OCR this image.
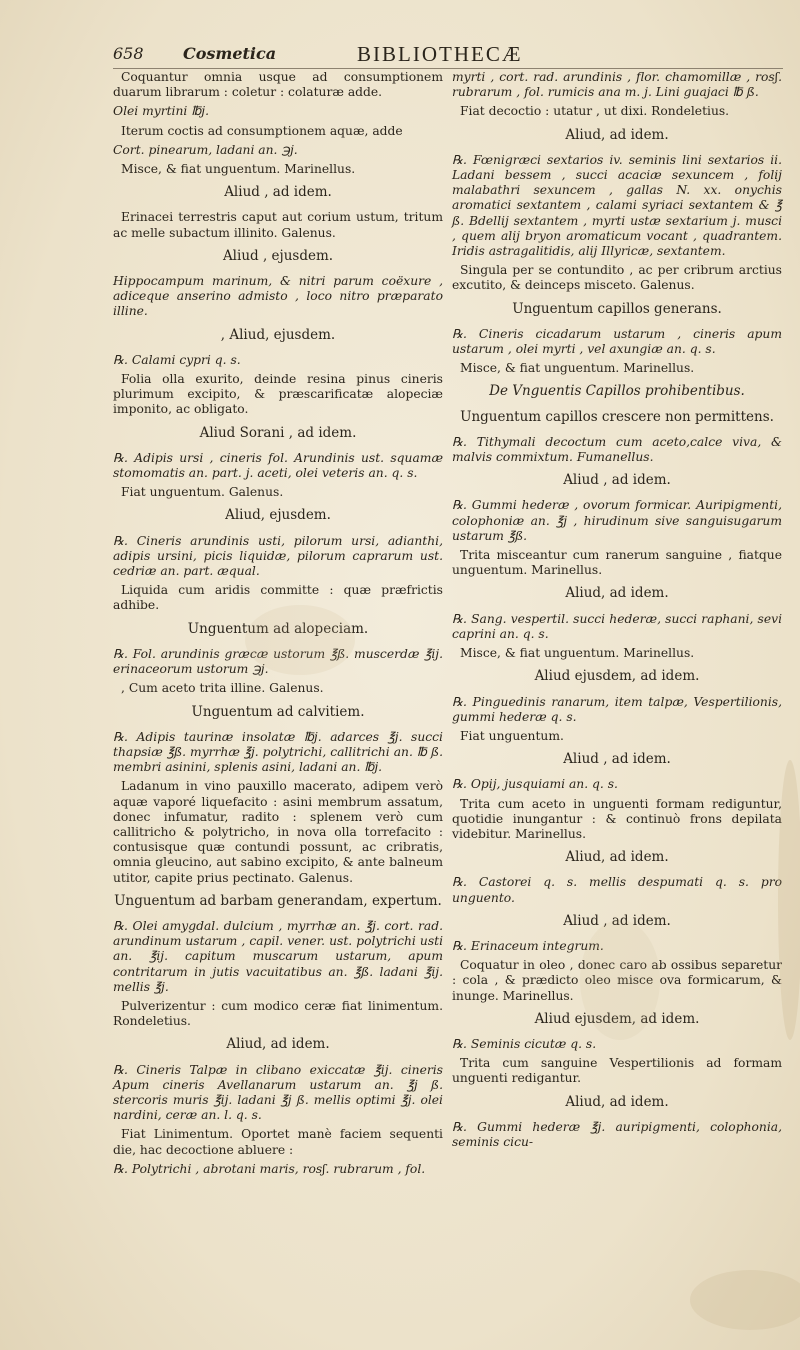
658 Cosmetica	BIBLIOTHECÆ

Coquantur omnia usque ad consumptionem duarum librarum : coletur : colaturæ adde.

Olei myrtini ℔j.

Iterum coctis ad consumptionem aquæ, adde

Cort. pinearum, ladani an. ℈j.

Misce, & fiat unguentum. Marinellus.

Aliud , ad idem.

Erinacei terrestris caput aut corium ustum, tritum ac melle subactum illinito. Galenus.

Aliud , ejusdem.

Hippocampum marinum, & nitri parum coëxure , adiceque anserino admisto , loco nitro præparato illine.

, Aliud, ejusdem.

℞. Calami cypri q. s.

Folia olla exurito, deinde resina pinus cineris plurimum excipito, & præscarificatæ alopeciæ imponito, ac obligato.

Aliud Sorani , ad idem.

℞. Adipis ursi , cineris fol. Arundinis ust. squamæ stomomatis an. part. j. aceti, olei veteris an. q. s.

Fiat unguentum. Galenus.

Aliud, ejusdem.

℞. Cineris arundinis usti, pilorum ursi, adianthi, adipis ursini, picis liquidæ, pilorum caprarum ust. cedriæ an. part. æqual.

Liquida cum aridis committe : quæ præfrictis adhibe.

Unguentum ad alopeciam.

℞. Fol. arundinis græcæ ustorum ℥ß. muscerdæ ℥ij. erinaceorum ustorum ℈j.

, Cum aceto trita illine. Galenus.

Unguentum ad calvitiem.

℞. Adipis taurinæ insolatæ ℔j. adarces ℥j. succi thapsiæ ℥ß. myrrhæ ℥j. polytrichi, callitrichi an. ℔ ß. membri asinini, splenis asini, ladani an. ℔j.

Ladanum in vino pauxillo macerato, adipem verò aquæ vaporé liquefacito : asini membrum assatum, donec infumatur, radito : splenem verò cum callitricho & polytricho, in nova olla torrefacito : contusisque quæ contundi possunt, ac cribratis, omnia gleucino, aut sabino excipito, & ante balneum utitor, capite prius pectinato. Galenus.

Unguentum ad barbam generandam, expertum.

℞. Olei amygdal. dulcium , myrrhæ an. ℥j. cort. rad. arundinum ustarum , capil. vener. ust. polytrichi usti an. ℥ij. capitum muscarum ustarum, apum contritarum in jutis vacuitatibus an. ℥ß. ladani ℥ij. mellis ℥j.

Pulverizentur : cum modico ceræ fiat linimentum. Rondeletius.

Aliud, ad idem.

℞. Cineris Talpæ in clibano exiccatæ ℥ij. cineris Apum cineris Avellanarum ustarum an. ℥j ß. stercoris muris ℥ij. ladani ℥j ß. mellis optimi ℥j. olei nardini, ceræ an. l. q. s.

Fiat Linimentum. Oportet manè faciem sequenti die, hac decoctione abluere :

℞. Polytrichi , abrotani maris, rosʃ. rubrarum , fol.

myrti , cort. rad. arundinis , flor. chamomillæ , rosʃ. rubrarum , fol. rumicis ana m. j. Lini guajaci ℔ ß.

Fiat decoctio : utatur , ut dixi. Rondeletius.

Aliud, ad idem.

℞. Fœnigræci sextarios iv. seminis lini sextarios ii. Ladani bessem , succi acaciæ sexuncem , folij malabathri sexuncem , gallas N. xx. onychis aromatici sextantem , calami syriaci sextantem & ℥ ß. Bdellij sextantem , myrti ustæ sextarium j. musci , quem alij bryon aromaticum vocant , quadrantem. Iridis astragalitidis, alij Illyricæ, sextantem.

Singula per se contundito , ac per cribrum arctius excutito, & deinceps misceto. Galenus.

Unguentum capillos generans.

℞. Cineris cicadarum ustarum , cineris apum ustarum , olei myrti , vel axungiæ an. q. s.

Misce, & fiat unguentum. Marinellus.

De Vnguentis Capillos prohibentibus.

Unguentum capillos crescere non permittens.

℞. Tithymali decoctum cum aceto,calce viva, & malvis commixtum. Fumanellus.

Aliud , ad idem.

℞. Gummi hederæ , ovorum formicar. Auripigmenti, colophoniæ an. ℥j , hirudinum sive sanguisugarum ustarum ℥ß.

Trita misceantur cum ranerum sanguine , fiatque unguentum. Marinellus.

Aliud, ad idem.

℞. Sang. vespertil. succi hederæ, succi raphani, sevi caprini an. q. s.

Misce, & fiat unguentum. Marinellus.

Aliud ejusdem, ad idem.

℞. Pinguedinis ranarum, item talpæ, Vespertilionis, gummi hederæ q. s.

Fiat unguentum.

Aliud , ad idem.

℞. Opij, jusquiami an. q. s.

Trita cum aceto in unguenti formam rediguntur, quotidie inungantur : & continuò frons depilata videbitur. Marinellus.

Aliud, ad idem.

℞. Castorei q. s. mellis despumati q. s. pro unguento.

Aliud , ad idem.

℞. Erinaceum integrum.

Coquatur in oleo , donec caro ab ossibus separetur : cola , & prædicto oleo misce ova formicarum, & inunge. Marinellus.

Aliud ejusdem, ad idem.

℞. Seminis cicutæ q. s.

Trita cum sanguine Vespertilionis ad formam unguenti redigantur.

Aliud, ad idem.

℞. Gummi hederæ ℥j. auripigmenti, colophonia, seminis cicu-
